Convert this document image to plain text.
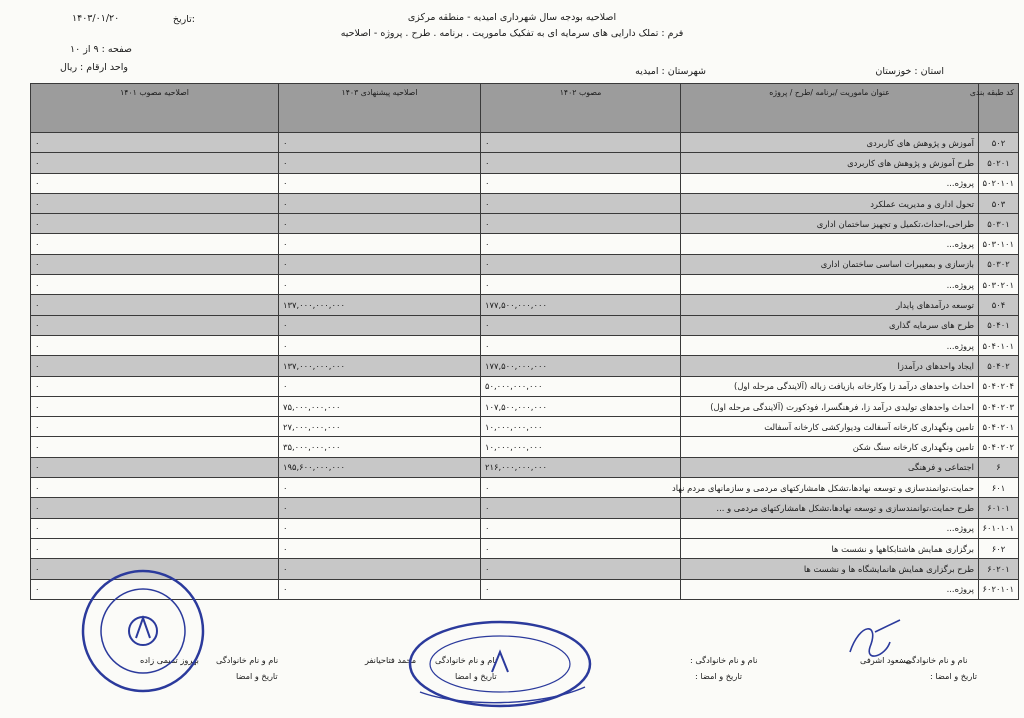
اصلاحیه بودجه سال شهرداری امیدیه - منطقه مرکزی
فرم : تملک دارایی های سرمایه ای به تفکیک ماموریت . برنامه . طرح . پروژه - اصلاحیه
تاریخ:
۱۴۰۳/۰۱/۲۰
صفحه : ۹ از ۱۰
واحد ارقام : ریال	استان : خوزستان
شهرستان : امیدیه
کد طبقه بندی	عنوان ماموریت /برنامه /طرح / پروژه	مصوب ۱۴۰۲	اصلاحیه پیشنهادی ۱۴۰۳	اصلاحیه مصوب ۱۴۰۱
۵۰۲	آموزش و پژوهش های کاربردی	۰	۰	۰
۵۰۲۰۱	طرح آموزش و پژوهش های کاربردی	۰	۰	۰
۵۰۲۰۱۰۱	پروژه...	۰	۰	۰
۵۰۳	تحول اداری و مدیریت عملکرد	۰	۰	۰
۵۰۳۰۱	طراحی،احداث،تکمیل و تجهیز ساختمان اداری	۰	۰	۰
۵۰۳۰۱۰۱	پروژه...	۰	۰	۰
۵۰۳۰۲	بازسازی و بمعیبرات اساسی ساختمان اداری	۰	۰	۰
۵۰۳۰۲۰۱	پروژه...	۰	۰	۰
۵۰۴	توسعه درآمدهای پایدار	۱۷۷,۵۰۰,۰۰۰,۰۰۰	۱۳۷,۰۰۰,۰۰۰,۰۰۰	۰
۵۰۴۰۱	طرح های سرمایه گذاری	۰	۰	۰
۵۰۴۰۱۰۱	پروژه...	۰	۰	۰
۵۰۴۰۲	ایجاد واحدهای درآمدزا	۱۷۷,۵۰۰,۰۰۰,۰۰۰	۱۳۷,۰۰۰,۰۰۰,۰۰۰	۰
۵۰۴۰۲۰۴	احداث واحدهای درآمد زا وکارخانه بازیافت زباله (آلایندگی مرحله اول)	۵۰,۰۰۰,۰۰۰,۰۰۰	۰	۰
۵۰۴۰۲۰۳	احداث واحدهای تولیدی درآمد زا، فرهنگسرا، فودکورت (آلایندگی مرحله اول)	۱۰۷,۵۰۰,۰۰۰,۰۰۰	۷۵,۰۰۰,۰۰۰,۰۰۰	۰
۵۰۴۰۲۰۱	تامین ونگهداری کارخانه آسفالت ودیوارکشی کارخانه آسفالت	۱۰,۰۰۰,۰۰۰,۰۰۰	۲۷,۰۰۰,۰۰۰,۰۰۰	۰
۵۰۴۰۲۰۲	تامین ونگهداری کارخانه سنگ شکن	۱۰,۰۰۰,۰۰۰,۰۰۰	۳۵,۰۰۰,۰۰۰,۰۰۰	۰
۶	اجتماعی و فرهنگی	۲۱۶,۰۰۰,۰۰۰,۰۰۰	۱۹۵,۶۰۰,۰۰۰,۰۰۰	۰
۶۰۱	حمایت،توانمندسازی و توسعه نهادها،تشکل هامشارکتهای مردمی و سازمانهای مردم نهاد	۰	۰	۰
۶۰۱۰۱	طرح حمایت،توانمندسازی و توسعه نهادها،تشکل هامشارکتهای مردمی و ...	۰	۰	۰
۶۰۱۰۱۰۱	پروژه...	۰	۰	۰
۶۰۲	برگزاری همایش هاشتابکاهها و نشست ها	۰	۰	۰
۶۰۲۰۱	طرح برگزاری همایش هانمایشگاه ها و نشست ها	۰	۰	۰
۶۰۲۰۱۰۱	پروژه...	۰	۰	۰
نام و نام خانوادگی :
مسعود اشرفی
تاریخ و امضا :
نام و نام خانوادگی :
تاریخ و امضا :
نام و نام خانوادگی
محمد فتاحیانفر
تاریخ و امضا
نام و نام خانوادگی
بهروز تمیمی زاده
تاریخ و امضا
